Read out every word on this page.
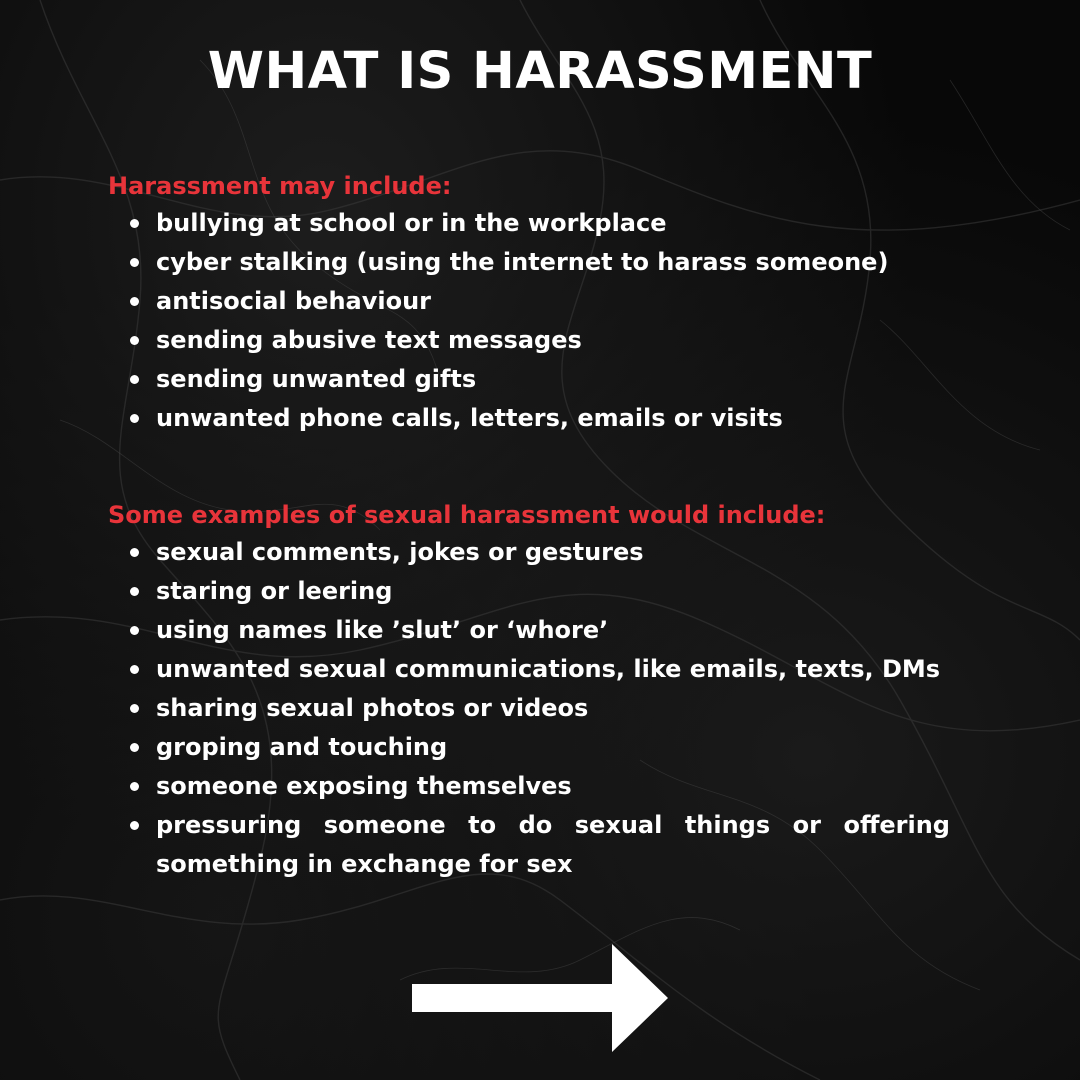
WHAT IS HARASSMENT
Harassment may include:
bullying at school or in the workplace
cyber stalking (using the internet to harass someone)
antisocial behaviour
sending abusive text messages
sending unwanted gifts
unwanted phone calls, letters, emails or visits
Some examples of sexual harassment would include:
sexual comments, jokes or gestures
staring or leering
using names like ’slut’ or ‘whore’
unwanted sexual communications, like emails, texts, DMs
sharing sexual photos or videos
groping and touching
someone exposing themselves
pressuring someone to do sexual things or offering something in exchange for sex
